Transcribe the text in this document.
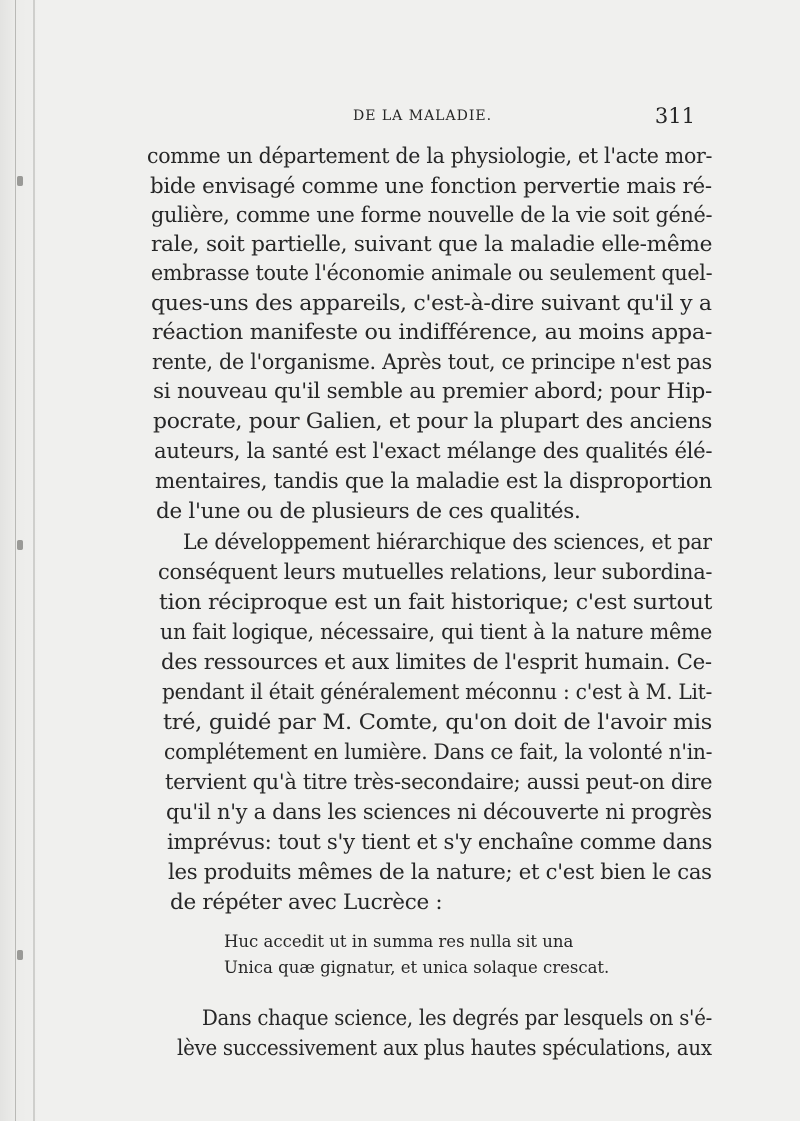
DE LA MALADIE.	311
comme un département de la physiologie, et l'acte mor-
bide envisagé comme une fonction pervertie mais ré-
gulière, comme une forme nouvelle de la vie soit géné-
rale, soit partielle, suivant que la maladie elle-même
embrasse toute l'économie animale ou seulement quel-
ques-uns des appareils, c'est-à-dire suivant qu'il y a
réaction manifeste ou indifférence, au moins appa-
rente, de l'organisme. Après tout, ce principe n'est pas
si nouveau qu'il semble au premier abord; pour Hip-
pocrate, pour Galien, et pour la plupart des anciens
auteurs, la santé est l'exact mélange des qualités élé-
mentaires, tandis que la maladie est la disproportion
de l'une ou de plusieurs de ces qualités.
Le développement hiérarchique des sciences, et par
conséquent leurs mutuelles relations, leur subordina-
tion réciproque est un fait historique; c'est surtout
un fait logique, nécessaire, qui tient à la nature même
des ressources et aux limites de l'esprit humain. Ce-
pendant il était généralement méconnu : c'est à M. Lit-
tré, guidé par M. Comte, qu'on doit de l'avoir mis
complétement en lumière. Dans ce fait, la volonté n'in-
tervient qu'à titre très-secondaire; aussi peut-on dire
qu'il n'y a dans les sciences ni découverte ni progrès
imprévus: tout s'y tient et s'y enchaîne comme dans
les produits mêmes de la nature; et c'est bien le cas
de répéter avec Lucrèce :
Huc accedit ut in summa res nulla sit una
Unica quæ gignatur, et unica solaque crescat.
Dans chaque science, les degrés par lesquels on s'é-
lève successivement aux plus hautes spéculations, aux
